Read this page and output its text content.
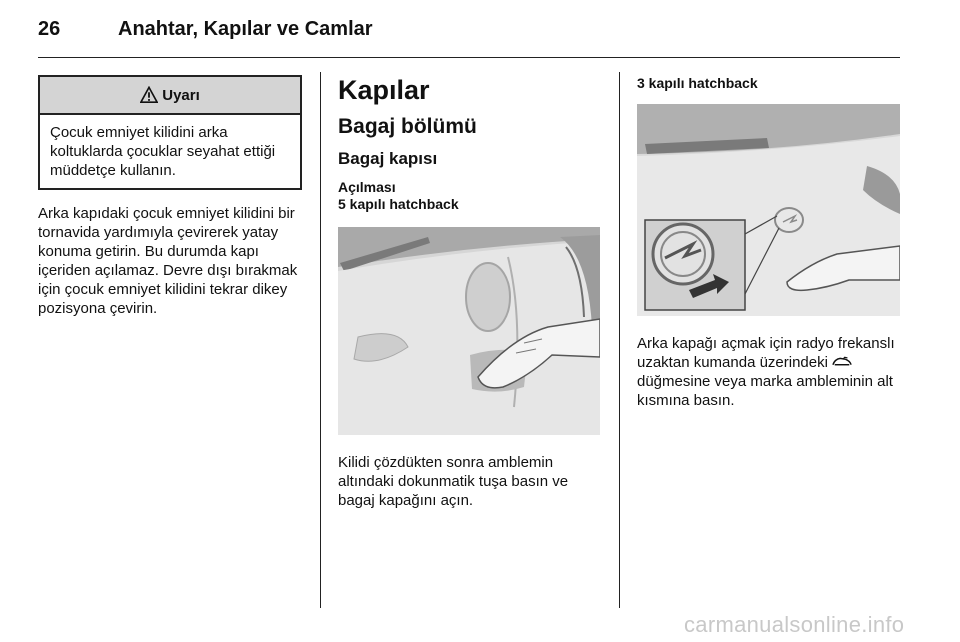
26	Anahtar, Kapılar ve Camlar
Uyarı
Çocuk emniyet kilidini arka koltuklarda çocuklar seyahat ettiği müddetçe kullanın.

Arka kapıdaki çocuk emniyet kilidini bir tornavida yardımıyla çevirerek yatay konuma getirin. Bu durumda kapı içeriden açılamaz. Devre dışı bırakmak için çocuk emniyet kilidini tekrar dikey pozisyona çevirin.

Kapılar
Bagaj bölümü
Bagaj kapısı
Açılması
5 kapılı hatchback

Kilidi çözdükten sonra amblemin altındaki dokunmatik tuşa basın ve bagaj kapağını açın.

3 kapılı hatchback

Arka kapağı açmak için radyo frekanslı uzaktan kumanda üzerindeki  düğmesine veya marka ambleminin alt kısmına basın.

carmanualsonline.info
